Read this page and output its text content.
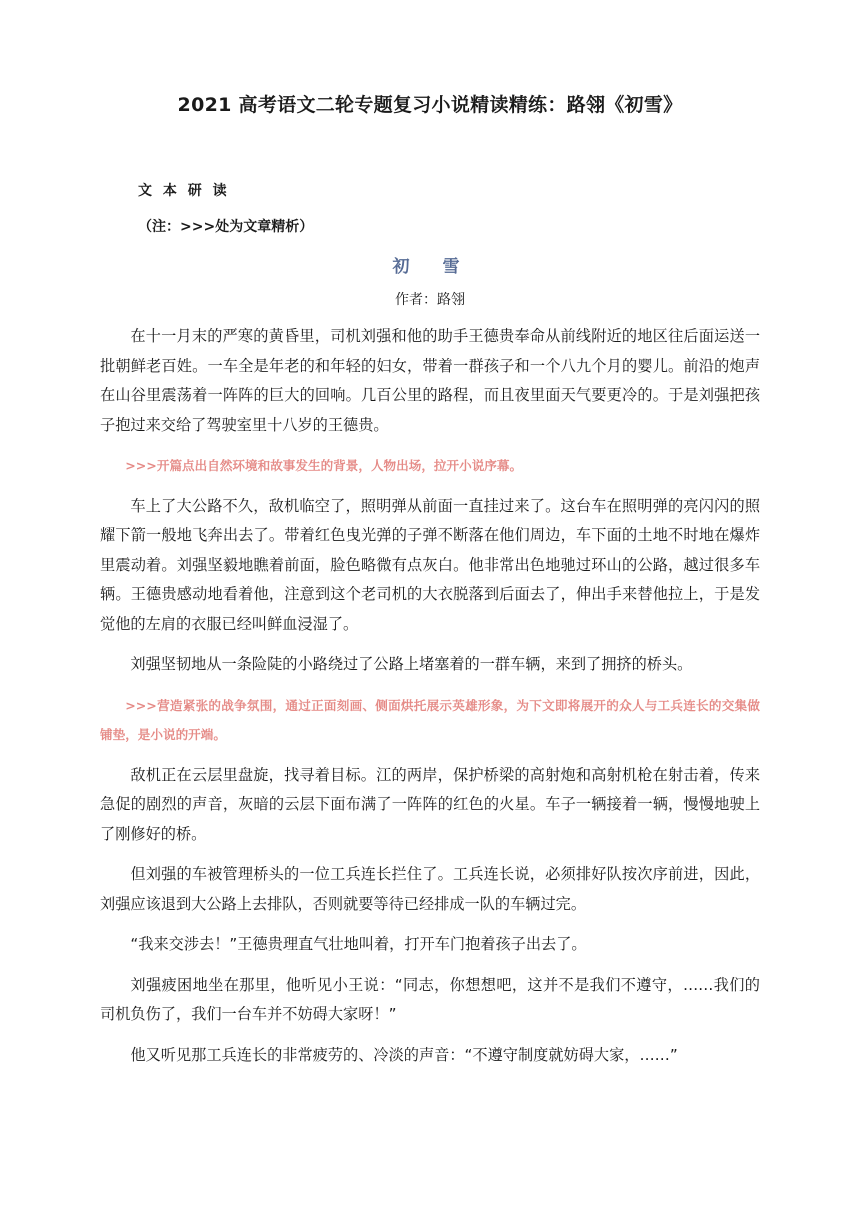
2021 高考语文二轮专题复习小说精读精练：路翎《初雪》
文 本 研 读
（注：>>>处为文章精析）
初　雪
作者：路翎

在十一月末的严寒的黄昏里，司机刘强和他的助手王德贵奉命从前线附近的地区往后面运送一批朝鲜老百姓。一车全是年老的和年轻的妇女，带着一群孩子和一个八九个月的婴儿。前沿的炮声在山谷里震荡着一阵阵的巨大的回响。几百公里的路程，而且夜里面天气要更冷的。于是刘强把孩子抱过来交给了驾驶室里十八岁的王德贵。

>>>开篇点出自然环境和故事发生的背景，人物出场，拉开小说序幕。

车上了大公路不久，敌机临空了，照明弹从前面一直挂过来了。这台车在照明弹的亮闪闪的照耀下箭一般地飞奔出去了。带着红色曳光弹的子弹不断落在他们周边，车下面的土地不时地在爆炸里震动着。刘强坚毅地瞧着前面，脸色略微有点灰白。他非常出色地驰过环山的公路，越过很多车辆。王德贵感动地看着他，注意到这个老司机的大衣脱落到后面去了，伸出手来替他拉上，于是发觉他的左肩的衣服已经叫鲜血浸湿了。

刘强坚韧地从一条险陡的小路绕过了公路上堵塞着的一群车辆，来到了拥挤的桥头。

>>>营造紧张的战争氛围，通过正面刻画、侧面烘托展示英雄形象，为下文即将展开的众人与工兵连长的交集做铺垫，是小说的开端。

敌机正在云层里盘旋，找寻着目标。江的两岸，保护桥梁的高射炮和高射机枪在射击着，传来急促的剧烈的声音，灰暗的云层下面布满了一阵阵的红色的火星。车子一辆接着一辆，慢慢地驶上了刚修好的桥。

但刘强的车被管理桥头的一位工兵连长拦住了。工兵连长说，必须排好队按次序前进，因此，刘强应该退到大公路上去排队，否则就要等待已经排成一队的车辆过完。

“我来交涉去！”王德贵理直气壮地叫着，打开车门抱着孩子出去了。

刘强疲困地坐在那里，他听见小王说：“同志，你想想吧，这并不是我们不遵守，……我们的司机负伤了，我们一台车并不妨碍大家呀！”

他又听见那工兵连长的非常疲劳的、冷淡的声音：“不遵守制度就妨碍大家，……”
